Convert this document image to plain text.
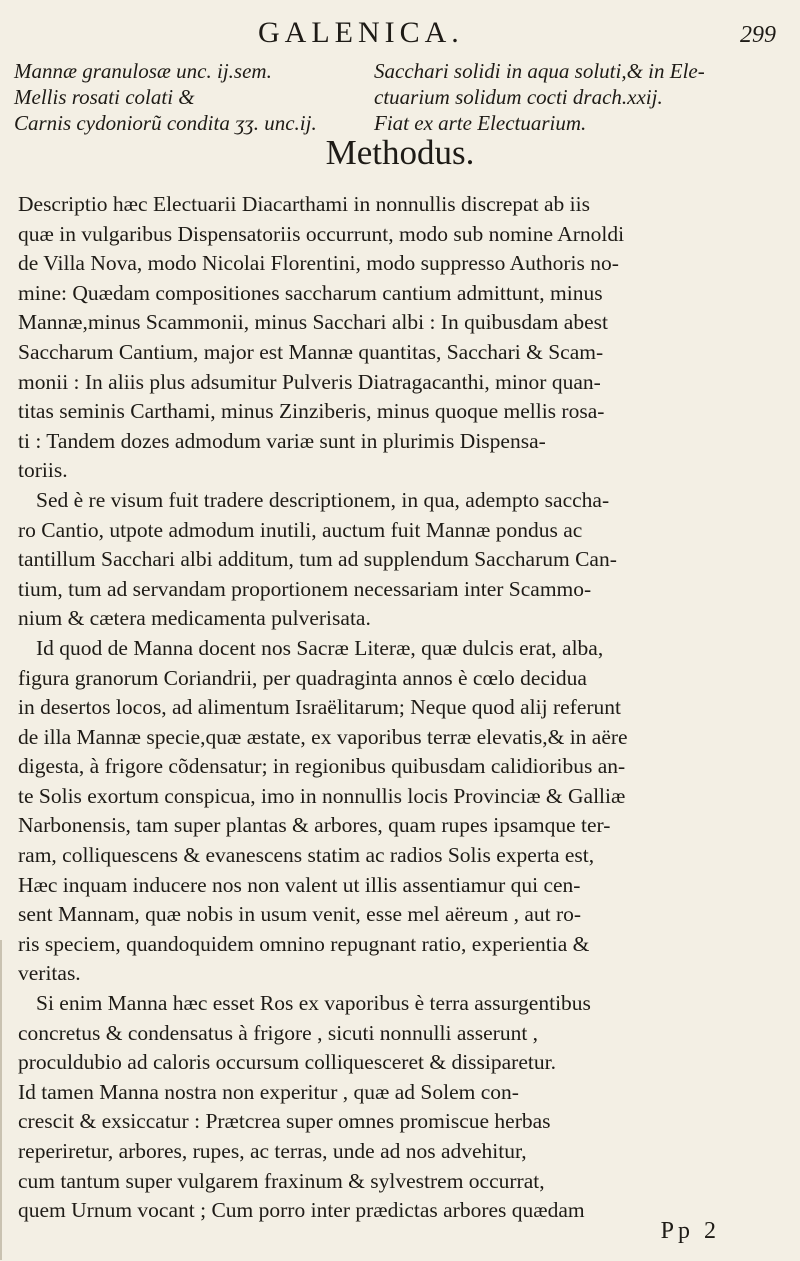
GALENICA.	299
Mannæ granulosæ unc. ij.sem.
Mellis rosati colati &
Carnis cydoniorũ condita ʒʒ. unc.ij.
Sacchari solidi in aqua soluti,& in Ele-
ctuarium solidum cocti drach.xxij.
Fiat ex arte Electuarium.
Methodus.
Descriptio hæc Electuarii Diacarthami in nonnullis discrepat ab iis
quæ in vulgaribus Dispensatoriis occurrunt, modo sub nomine Arnoldi
de Villa Nova, modo Nicolai Florentini, modo suppresso Authoris no-
mine: Quædam compositiones saccharum cantium admittunt, minus
Mannæ,minus Scammonii, minus Sacchari albi : In quibusdam abest
Saccharum Cantium, major est Mannæ quantitas, Sacchari & Scam-
monii : In aliis plus adsumitur Pulveris Diatragacanthi, minor quan-
titas seminis Carthami, minus Zinziberis, minus quoque mellis rosa-
ti : Tandem dozes admodum variæ sunt in plurimis Dispensa-
toriis.
Sed è re visum fuit tradere descriptionem, in qua, adempto saccha-
ro Cantio, utpote admodum inutili, auctum fuit Mannæ pondus ac
tantillum Sacchari albi additum, tum ad supplendum Saccharum Can-
tium, tum ad servandam proportionem necessariam inter Scammo-
nium & cætera medicamenta pulverisata.
Id quod de Manna docent nos Sacræ Literæ, quæ dulcis erat, alba,
figura granorum Coriandrii, per quadraginta annos è cœlo decidua
in desertos locos, ad alimentum Israëlitarum; Neque quod alij referunt
de illa Mannæ specie,quæ æstate, ex vaporibus terræ elevatis,& in aëre
digesta, à frigore cõdensatur; in regionibus quibusdam calidioribus an-
te Solis exortum conspicua, imo in nonnullis locis Provinciæ & Galliæ
Narbonensis, tam super plantas & arbores, quam rupes ipsamque ter-
ram, colliquescens & evanescens statim ac radios Solis experta est,
Hæc inquam inducere nos non valent ut illis assentiamur qui cen-
sent Mannam, quæ nobis in usum venit, esse mel aëreum , aut ro-
ris speciem, quandoquidem omnino repugnant ratio, experientia &
veritas.
Si enim Manna hæc esset Ros ex vaporibus è terra assurgentibus
concretus & condensatus à frigore , sicuti nonnulli asserunt ,
proculdubio ad caloris occursum colliquesceret & dissiparetur.
Id tamen Manna nostra non experitur , quæ ad Solem con-
crescit & exsiccatur : Prætcrea super omnes promiscue herbas
reperiretur, arbores, rupes, ac terras, unde ad nos advehitur,
cum tantum super vulgarem fraxinum & sylvestrem occurrat,
quem Urnum vocant ; Cum porro inter prædictas arbores quædam
Pp 2
